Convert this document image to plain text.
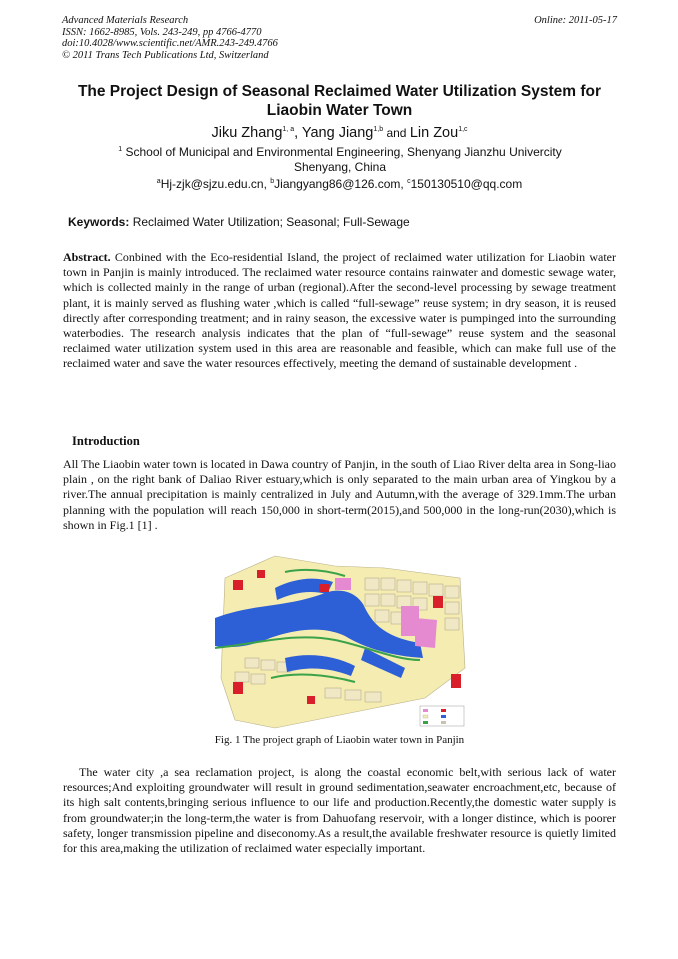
Advanced Materials Research
ISSN: 1662-8985, Vols. 243-249, pp 4766-4770
doi:10.4028/www.scientific.net/AMR.243-249.4766
© 2011 Trans Tech Publications Ltd, Switzerland
Online: 2011-05-17
The Project Design of Seasonal Reclaimed Water Utilization System for Liaobin Water Town
Jiku Zhang$^{1, a}$, Yang Jiang$^{1,b}$ and Lin Zou$^{1,c}$
$^1$ School of Municipal and Environmental Engineering, Shenyang Jianzhu Univercity Shenyang, China
$^a$Hj-zjk@sjzu.edu.cn, $^b$Jiangyang86@126.com, $^c$150130510@qq.com
Keywords: Reclaimed Water Utilization; Seasonal; Full-Sewage

Abstract. Conbined with the Eco-residential Island, the project of reclaimed water utilization for Liaobin water town in Panjin is mainly introduced. The reclaimed water resource contains rainwater and domestic sewage water, which is collected mainly in the range of urban (regional).After the second-level processing by sewage treatment plant, it is mainly served as flushing water ,which is called “full-sewage” reuse system; in dry season, it is reused directly after corresponding treatment; and in rainy season, the excessive water is pumpinged into the surrounding waterbodies. The research analysis indicates that the plan of “full-sewage” reuse system and the seasonal reclaimed water utilization system used in this area are reasonable and feasible, which can make full use of the reclaimed water and save the water resources effectively, meeting the demand of sustainable development .

Introduction

All The Liaobin water town is located in Dawa country of Panjin, in the south of Liao River delta area in Song-liao plain , on the right bank of Daliao River estuary,which is only separated to the main urban area of Yingkou by a river.The annual precipitation is mainly centralized in July and Autumn,with the average of 329.1mm.The urban planning with the population will reach 150,000 in short-term(2015),and 500,000 in the long-run(2030),which is shown in Fig.1 [1] .

Fig. 1 The project graph of Liaobin water town in Panjin

The water city ,a sea reclamation project, is along the coastal economic belt,with serious lack of water resources;And exploiting groundwater will result in ground sedimentation,seawater encroachment,etc, because of its high salt contents,bringing serious influence to our life and production.Recently,the domestic water supply is from groundwater;in the long-term,the water is from Dahuofang reservoir, with a longer distince, which is poorer safety, longer transmission pipeline and diseconomy.As a result,the available freshwater resource is quietly limited for this area,making the utilization of reclaimed water especially important.
